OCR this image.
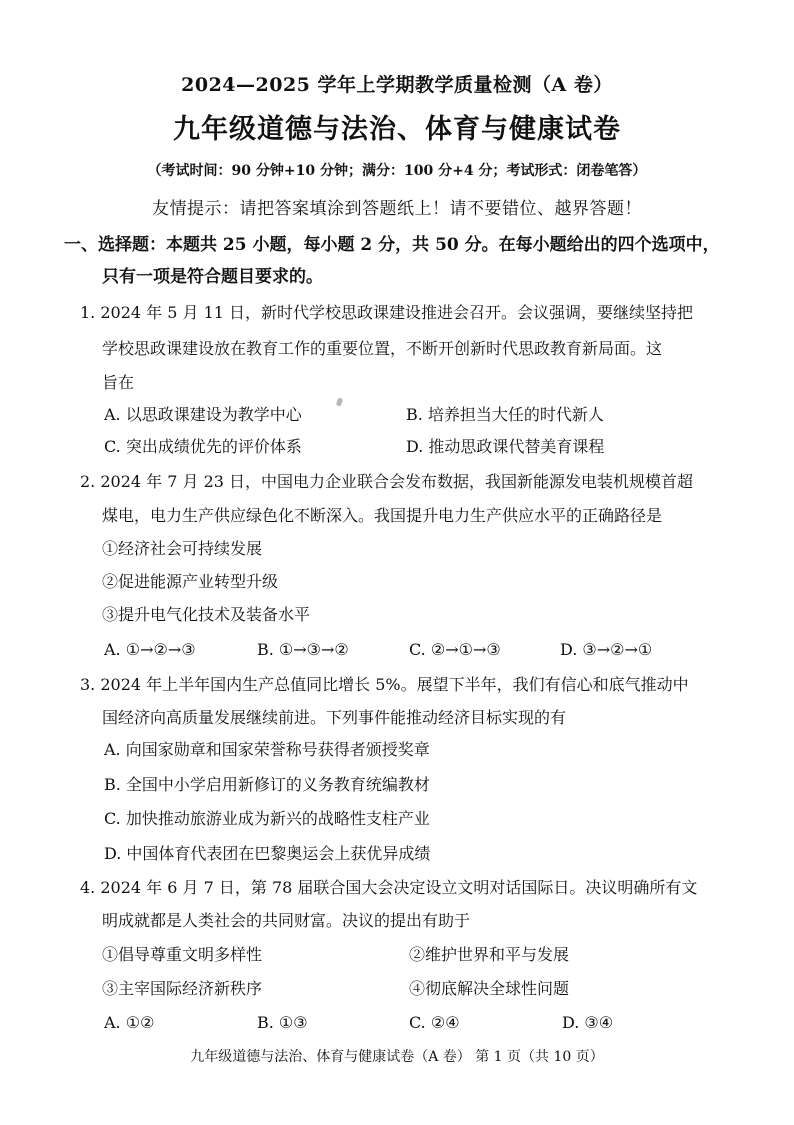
2024—2025 学年上学期教学质量检测（A 卷）
九年级道德与法治、体育与健康试卷
（考试时间：90 分钟+10 分钟；满分：100 分+4 分；考试形式：闭卷笔答）
友情提示：请把答案填涂到答题纸上！请不要错位、越界答题！
一、选择题：本题共 25 小题，每小题 2 分，共 50 分。在每小题给出的四个选项中，
只有一项是符合题目要求的。
1. 2024 年 5 月 11 日，新时代学校思政课建设推进会召开。会议强调，要继续坚持把
学校思政课建设放在教育工作的重要位置，不断开创新时代思政教育新局面。这
旨在
A. 以思政课建设为教学中心	B. 培养担当大任的时代新人
C. 突出成绩优先的评价体系	D. 推动思政课代替美育课程
2. 2024 年 7 月 23 日，中国电力企业联合会发布数据，我国新能源发电装机规模首超
煤电，电力生产供应绿色化不断深入。我国提升电力生产供应水平的正确路径是
①经济社会可持续发展
②促进能源产业转型升级
③提升电气化技术及装备水平
A. ①→②→③	B. ①→③→②	C. ②→①→③	D. ③→②→①
3. 2024 年上半年国内生产总值同比增长 5%。展望下半年，我们有信心和底气推动中
国经济向高质量发展继续前进。下列事件能推动经济目标实现的有
A. 向国家勋章和国家荣誉称号获得者颁授奖章
B. 全国中小学启用新修订的义务教育统编教材
C. 加快推动旅游业成为新兴的战略性支柱产业
D. 中国体育代表团在巴黎奥运会上获优异成绩
4. 2024 年 6 月 7 日，第 78 届联合国大会决定设立文明对话国际日。决议明确所有文
明成就都是人类社会的共同财富。决议的提出有助于
①倡导尊重文明多样性	②维护世界和平与发展
③主宰国际经济新秩序	④彻底解决全球性问题
A. ①②	B. ①③	C. ②④	D. ③④
九年级道德与法治、体育与健康试卷（A 卷） 第 1 页（共 10 页）
